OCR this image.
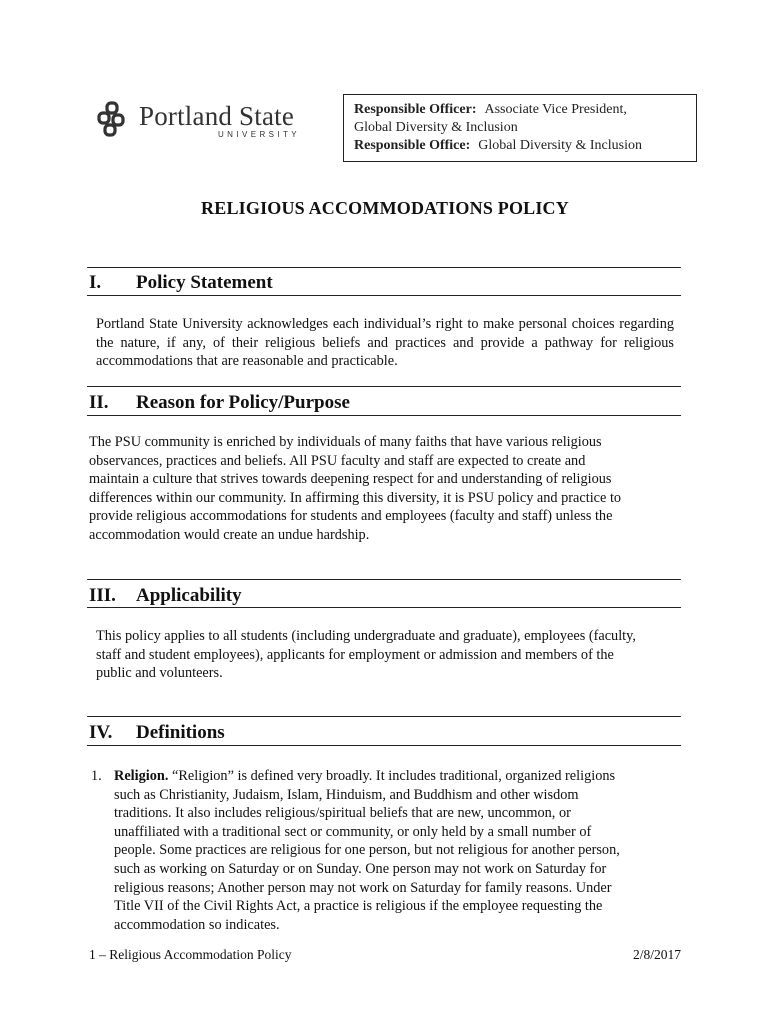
Portland State
UNIVERSITY
Responsible Officer: Associate Vice President,
Global Diversity & Inclusion
Responsible Office: Global Diversity & Inclusion
RELIGIOUS ACCOMMODATIONS POLICY
I. Policy Statement
Portland State University acknowledges each individual’s right to make personal choices regarding the nature, if any, of their religious beliefs and practices and provide a pathway for religious accommodations that are reasonable and practicable.
II. Reason for Policy/Purpose
The PSU community is enriched by individuals of many faiths that have various religious
observances, practices and beliefs. All PSU faculty and staff are expected to create and
maintain a culture that strives towards deepening respect for and understanding of religious
differences within our community. In affirming this diversity, it is PSU policy and practice to
provide religious accommodations for students and employees (faculty and staff) unless the
accommodation would create an undue hardship.
III. Applicability
This policy applies to all students (including undergraduate and graduate), employees (faculty,
staff and student employees), applicants for employment or admission and members of the
public and volunteers.
IV. Definitions
1. Religion. “Religion” is defined very broadly. It includes traditional, organized religions
such as Christianity, Judaism, Islam, Hinduism, and Buddhism and other wisdom
traditions. It also includes religious/spiritual beliefs that are new, uncommon, or
unaffiliated with a traditional sect or community, or only held by a small number of
people. Some practices are religious for one person, but not religious for another person,
such as working on Saturday or on Sunday. One person may not work on Saturday for
religious reasons; Another person may not work on Saturday for family reasons. Under
Title VII of the Civil Rights Act, a practice is religious if the employee requesting the
accommodation so indicates.
1 – Religious Accommodation Policy	2/8/2017
